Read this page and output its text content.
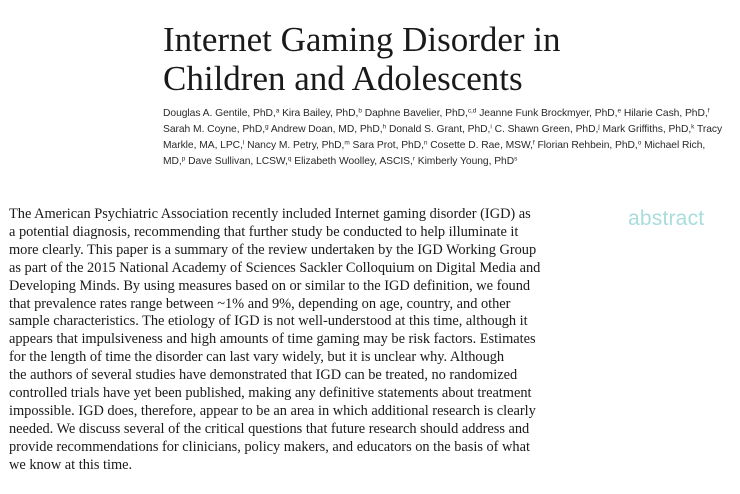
Internet Gaming Disorder in
Children and Adolescents

Douglas A. Gentile, PhD,$^a$ Kira Bailey, PhD,$^b$ Daphne Bavelier, PhD,$^{c,d}$ Jeanne Funk Brockmyer, PhD,$^e$ Hilarie Cash, PhD,$^f$ Sarah M. Coyne, PhD,$^g$ Andrew Doan, MD, PhD,$^h$ Donald S. Grant, PhD,$^i$ C. Shawn Green, PhD,$^j$ Mark Griffiths, PhD,$^k$ Tracy Markle, MA, LPC,$^l$ Nancy M. Petry, PhD,$^m$ Sara Prot, PhD,$^n$ Cosette D. Rae, MSW,$^f$ Florian Rehbein, PhD,$^o$ Michael Rich, MD,$^p$ Dave Sullivan, LCSW,$^q$ Elizabeth Woolley, ASCIS,$^r$ Kimberly Young, PhD$^s$

abstract
The American Psychiatric Association recently included Internet gaming disorder (IGD) as
a potential diagnosis, recommending that further study be conducted to help illuminate it
more clearly. This paper is a summary of the review undertaken by the IGD Working Group
as part of the 2015 National Academy of Sciences Sackler Colloquium on Digital Media and
Developing Minds. By using measures based on or similar to the IGD definition, we found
that prevalence rates range between ~1% and 9%, depending on age, country, and other
sample characteristics. The etiology of IGD is not well-understood at this time, although it
appears that impulsiveness and high amounts of time gaming may be risk factors. Estimates
for the length of time the disorder can last vary widely, but it is unclear why. Although
the authors of several studies have demonstrated that IGD can be treated, no randomized
controlled trials have yet been published, making any definitive statements about treatment
impossible. IGD does, therefore, appear to be an area in which additional research is clearly
needed. We discuss several of the critical questions that future research should address and
provide recommendations for clinicians, policy makers, and educators on the basis of what
we know at this time.
